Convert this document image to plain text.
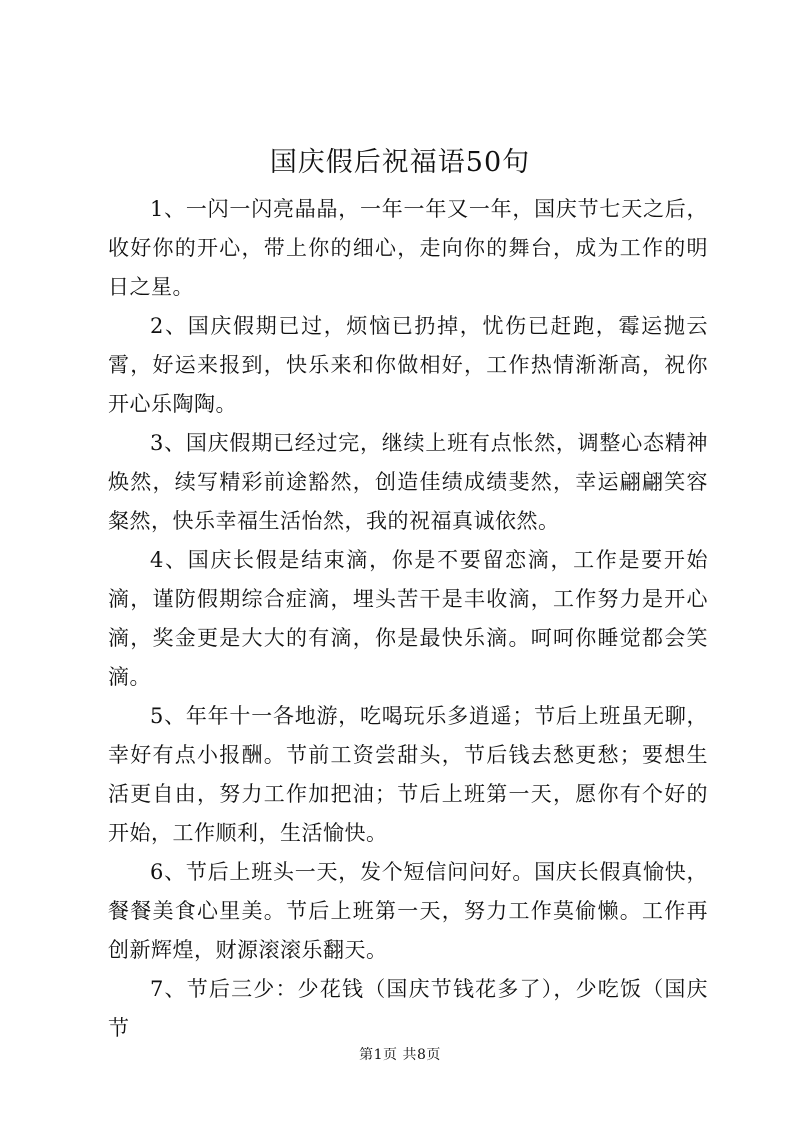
国庆假后祝福语50句

1、一闪一闪亮晶晶，一年一年又一年，国庆节七天之后，收好你的开心，带上你的细心，走向你的舞台，成为工作的明日之星。

2、国庆假期已过，烦恼已扔掉，忧伤已赶跑，霉运抛云霄，好运来报到，快乐来和你做相好，工作热情渐渐高，祝你开心乐陶陶。

3、国庆假期已经过完，继续上班有点怅然，调整心态精神焕然，续写精彩前途豁然，创造佳绩成绩斐然，幸运翩翩笑容粲然，快乐幸福生活怡然，我的祝福真诚依然。

4、国庆长假是结束滴，你是不要留恋滴，工作是要开始滴，谨防假期综合症滴，埋头苦干是丰收滴，工作努力是开心滴，奖金更是大大的有滴，你是最快乐滴。呵呵你睡觉都会笑滴。

5、年年十一各地游，吃喝玩乐多逍遥；节后上班虽无聊，幸好有点小报酬。节前工资尝甜头，节后钱去愁更愁；要想生活更自由，努力工作加把油；节后上班第一天，愿你有个好的开始，工作顺利，生活愉快。

6、节后上班头一天，发个短信问问好。国庆长假真愉快，餐餐美食心里美。节后上班第一天，努力工作莫偷懒。工作再创新辉煌，财源滚滚乐翻天。

7、节后三少：少花钱（国庆节钱花多了），少吃饭（国庆节

第1页 共8页
